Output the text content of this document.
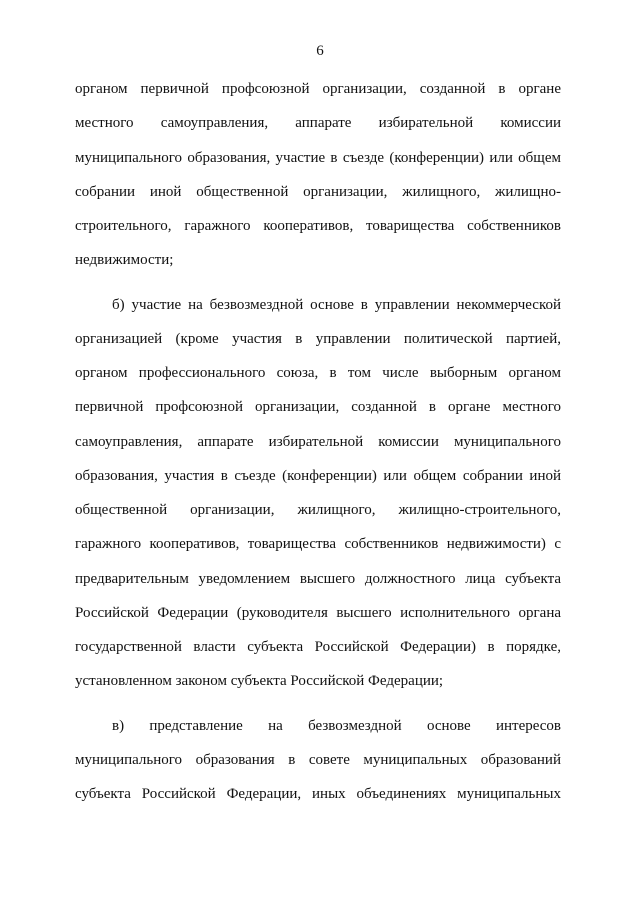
6
органом первичной профсоюзной организации, созданной в органе
местного самоуправления, аппарате избирательной комиссии
муниципального образования, участие в съезде (конференции) или общем
собрании иной общественной организации, жилищного, жилищно-
строительного, гаражного кооперативов, товарищества собственников
недвижимости;
б) участие на безвозмездной основе в управлении некоммерческой
организацией (кроме участия в управлении политической партией,
органом профессионального союза, в том числе выборным органом
первичной профсоюзной организации, созданной в органе местного
самоуправления, аппарате избирательной комиссии муниципального
образования, участия в съезде (конференции) или общем собрании иной
общественной организации, жилищного, жилищно-строительного,
гаражного кооперативов, товарищества собственников недвижимости) с
предварительным уведомлением высшего должностного лица субъекта
Российской Федерации (руководителя высшего исполнительного органа
государственной власти субъекта Российской Федерации) в порядке,
установленном законом субъекта Российской Федерации;
в) представление на безвозмездной основе интересов
муниципального образования в совете муниципальных образований
субъекта Российской Федерации, иных объединениях муниципальных
